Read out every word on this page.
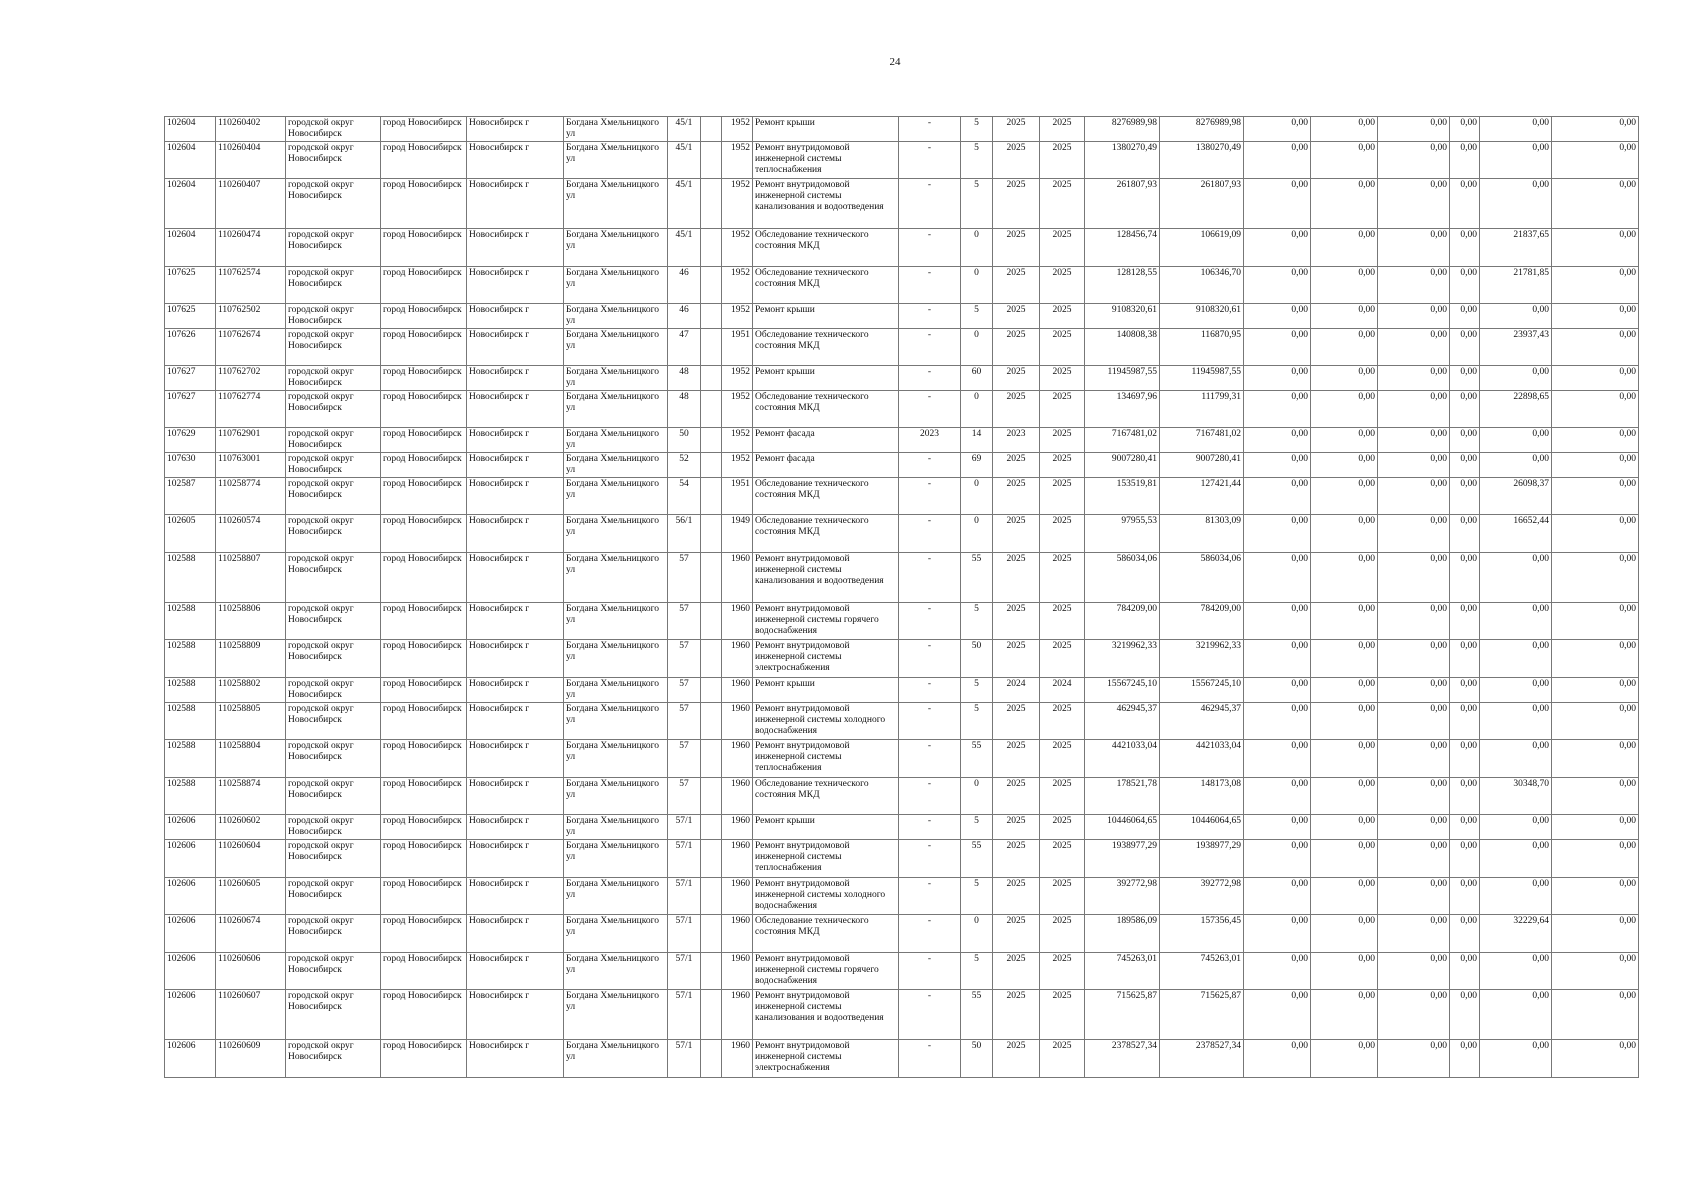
24
102604	110260402	городской округ Новосибирск	город Новосибирск	Новосибирск г	Богдана Хмельницкого ул	45/1		1952	Ремонт крыши	-	5	2025	2025	8276989,98	8276989,98	0,00	0,00	0,00	0,00	0,00	0,00
102604	110260404	городской округ Новосибирск	город Новосибирск	Новосибирск г	Богдана Хмельницкого ул	45/1		1952	Ремонт внутридомовой инженерной системы теплоснабжения	-	5	2025	2025	1380270,49	1380270,49	0,00	0,00	0,00	0,00	0,00	0,00
102604	110260407	городской округ Новосибирск	город Новосибирск	Новосибирск г	Богдана Хмельницкого ул	45/1		1952	Ремонт внутридомовой инженерной системы канализования и водоотведения	-	5	2025	2025	261807,93	261807,93	0,00	0,00	0,00	0,00	0,00	0,00
102604	110260474	городской округ Новосибирск	город Новосибирск	Новосибирск г	Богдана Хмельницкого ул	45/1		1952	Обследование технического состояния МКД	-	0	2025	2025	128456,74	106619,09	0,00	0,00	0,00	0,00	21837,65	0,00
107625	110762574	городской округ Новосибирск	город Новосибирск	Новосибирск г	Богдана Хмельницкого ул	46		1952	Обследование технического состояния МКД	-	0	2025	2025	128128,55	106346,70	0,00	0,00	0,00	0,00	21781,85	0,00
107625	110762502	городской округ Новосибирск	город Новосибирск	Новосибирск г	Богдана Хмельницкого ул	46		1952	Ремонт крыши	-	5	2025	2025	9108320,61	9108320,61	0,00	0,00	0,00	0,00	0,00	0,00
107626	110762674	городской округ Новосибирск	город Новосибирск	Новосибирск г	Богдана Хмельницкого ул	47		1951	Обследование технического состояния МКД	-	0	2025	2025	140808,38	116870,95	0,00	0,00	0,00	0,00	23937,43	0,00
107627	110762702	городской округ Новосибирск	город Новосибирск	Новосибирск г	Богдана Хмельницкого ул	48		1952	Ремонт крыши	-	60	2025	2025	11945987,55	11945987,55	0,00	0,00	0,00	0,00	0,00	0,00
107627	110762774	городской округ Новосибирск	город Новосибирск	Новосибирск г	Богдана Хмельницкого ул	48		1952	Обследование технического состояния МКД	-	0	2025	2025	134697,96	111799,31	0,00	0,00	0,00	0,00	22898,65	0,00
107629	110762901	городской округ Новосибирск	город Новосибирск	Новосибирск г	Богдана Хмельницкого ул	50		1952	Ремонт фасада	2023	14	2023	2025	7167481,02	7167481,02	0,00	0,00	0,00	0,00	0,00	0,00
107630	110763001	городской округ Новосибирск	город Новосибирск	Новосибирск г	Богдана Хмельницкого ул	52		1952	Ремонт фасада	-	69	2025	2025	9007280,41	9007280,41	0,00	0,00	0,00	0,00	0,00	0,00
102587	110258774	городской округ Новосибирск	город Новосибирск	Новосибирск г	Богдана Хмельницкого ул	54		1951	Обследование технического состояния МКД	-	0	2025	2025	153519,81	127421,44	0,00	0,00	0,00	0,00	26098,37	0,00
102605	110260574	городской округ Новосибирск	город Новосибирск	Новосибирск г	Богдана Хмельницкого ул	56/1		1949	Обследование технического состояния МКД	-	0	2025	2025	97955,53	81303,09	0,00	0,00	0,00	0,00	16652,44	0,00
102588	110258807	городской округ Новосибирск	город Новосибирск	Новосибирск г	Богдана Хмельницкого ул	57		1960	Ремонт внутридомовой инженерной системы канализования и водоотведения	-	55	2025	2025	586034,06	586034,06	0,00	0,00	0,00	0,00	0,00	0,00
102588	110258806	городской округ Новосибирск	город Новосибирск	Новосибирск г	Богдана Хмельницкого ул	57		1960	Ремонт внутридомовой инженерной системы горячего водоснабжения	-	5	2025	2025	784209,00	784209,00	0,00	0,00	0,00	0,00	0,00	0,00
102588	110258809	городской округ Новосибирск	город Новосибирск	Новосибирск г	Богдана Хмельницкого ул	57		1960	Ремонт внутридомовой инженерной системы электроснабжения	-	50	2025	2025	3219962,33	3219962,33	0,00	0,00	0,00	0,00	0,00	0,00
102588	110258802	городской округ Новосибирск	город Новосибирск	Новосибирск г	Богдана Хмельницкого ул	57		1960	Ремонт крыши	-	5	2024	2024	15567245,10	15567245,10	0,00	0,00	0,00	0,00	0,00	0,00
102588	110258805	городской округ Новосибирск	город Новосибирск	Новосибирск г	Богдана Хмельницкого ул	57		1960	Ремонт внутридомовой инженерной системы холодного водоснабжения	-	5	2025	2025	462945,37	462945,37	0,00	0,00	0,00	0,00	0,00	0,00
102588	110258804	городской округ Новосибирск	город Новосибирск	Новосибирск г	Богдана Хмельницкого ул	57		1960	Ремонт внутридомовой инженерной системы теплоснабжения	-	55	2025	2025	4421033,04	4421033,04	0,00	0,00	0,00	0,00	0,00	0,00
102588	110258874	городской округ Новосибирск	город Новосибирск	Новосибирск г	Богдана Хмельницкого ул	57		1960	Обследование технического состояния МКД	-	0	2025	2025	178521,78	148173,08	0,00	0,00	0,00	0,00	30348,70	0,00
102606	110260602	городской округ Новосибирск	город Новосибирск	Новосибирск г	Богдана Хмельницкого ул	57/1		1960	Ремонт крыши	-	5	2025	2025	10446064,65	10446064,65	0,00	0,00	0,00	0,00	0,00	0,00
102606	110260604	городской округ Новосибирск	город Новосибирск	Новосибирск г	Богдана Хмельницкого ул	57/1		1960	Ремонт внутридомовой инженерной системы теплоснабжения	-	55	2025	2025	1938977,29	1938977,29	0,00	0,00	0,00	0,00	0,00	0,00
102606	110260605	городской округ Новосибирск	город Новосибирск	Новосибирск г	Богдана Хмельницкого ул	57/1		1960	Ремонт внутридомовой инженерной системы холодного водоснабжения	-	5	2025	2025	392772,98	392772,98	0,00	0,00	0,00	0,00	0,00	0,00
102606	110260674	городской округ Новосибирск	город Новосибирск	Новосибирск г	Богдана Хмельницкого ул	57/1		1960	Обследование технического состояния МКД	-	0	2025	2025	189586,09	157356,45	0,00	0,00	0,00	0,00	32229,64	0,00
102606	110260606	городской округ Новосибирск	город Новосибирск	Новосибирск г	Богдана Хмельницкого ул	57/1		1960	Ремонт внутридомовой инженерной системы горячего водоснабжения	-	5	2025	2025	745263,01	745263,01	0,00	0,00	0,00	0,00	0,00	0,00
102606	110260607	городской округ Новосибирск	город Новосибирск	Новосибирск г	Богдана Хмельницкого ул	57/1		1960	Ремонт внутридомовой инженерной системы канализования и водоотведения	-	55	2025	2025	715625,87	715625,87	0,00	0,00	0,00	0,00	0,00	0,00
102606	110260609	городской округ Новосибирск	город Новосибирск	Новосибирск г	Богдана Хмельницкого ул	57/1		1960	Ремонт внутридомовой инженерной системы электроснабжения	-	50	2025	2025	2378527,34	2378527,34	0,00	0,00	0,00	0,00	0,00	0,00
